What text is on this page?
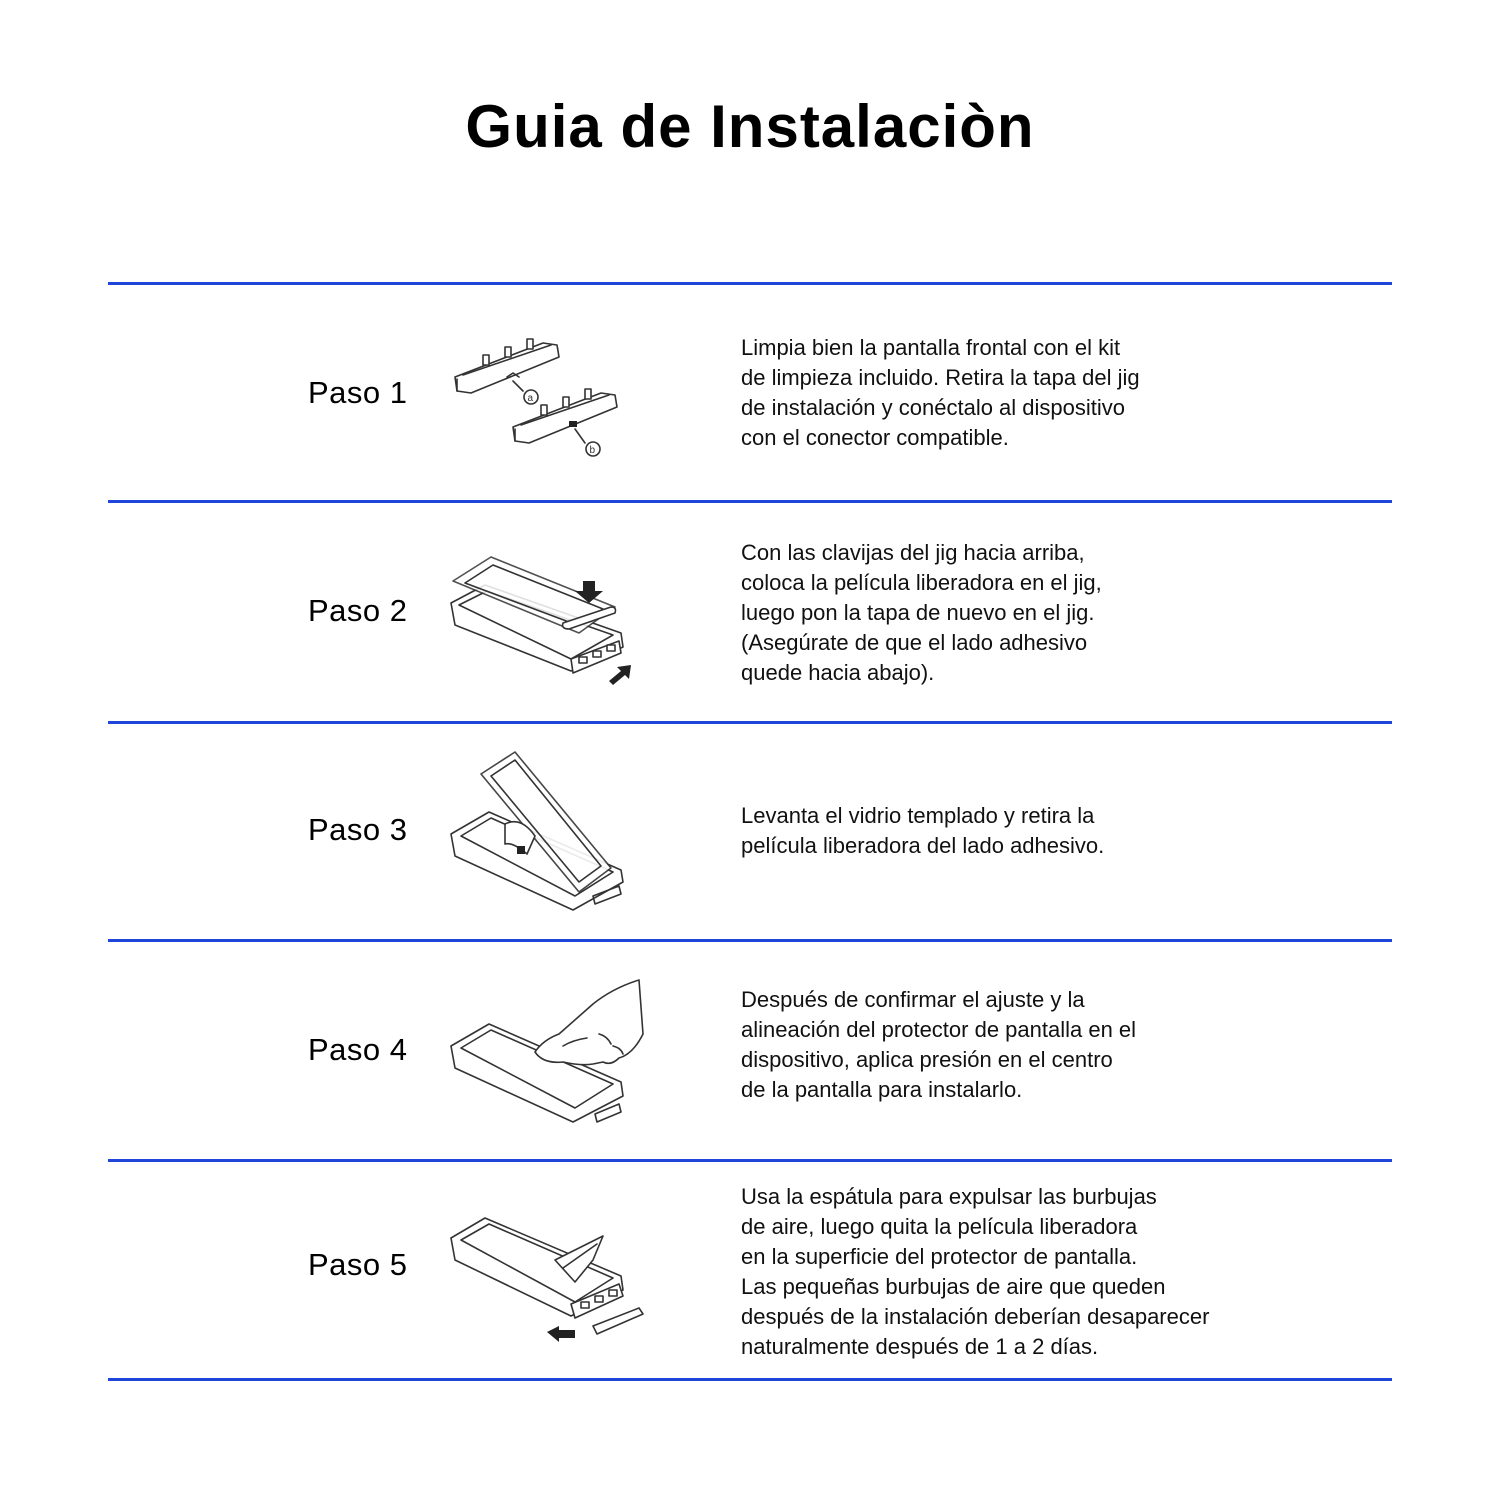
Guia de Instalaciòn
Paso 1	a
b
Limpia bien la pantalla frontal con el kit
de limpieza incluido. Retira la tapa del jig
de instalación y conéctalo al dispositivo
con el conector compatible.
Paso 2
Con las clavijas del jig hacia arriba,
coloca la película liberadora en el jig,
luego pon la tapa de nuevo en el jig.
(Asegúrate de que el lado adhesivo
quede hacia abajo).
Paso 3	Levanta el vidrio templado y retira la
película liberadora del lado adhesivo.
Paso 4
Después de confirmar el ajuste y la
alineación del protector de pantalla en el
dispositivo, aplica presión en el centro
de la pantalla para instalarlo.
Paso 5
Usa la espátula para expulsar las burbujas
de aire, luego quita la película liberadora
en la superficie del protector de pantalla.
Las pequeñas burbujas de aire que queden
después de la instalación deberían desaparecer
naturalmente después de 1 a 2 días.
